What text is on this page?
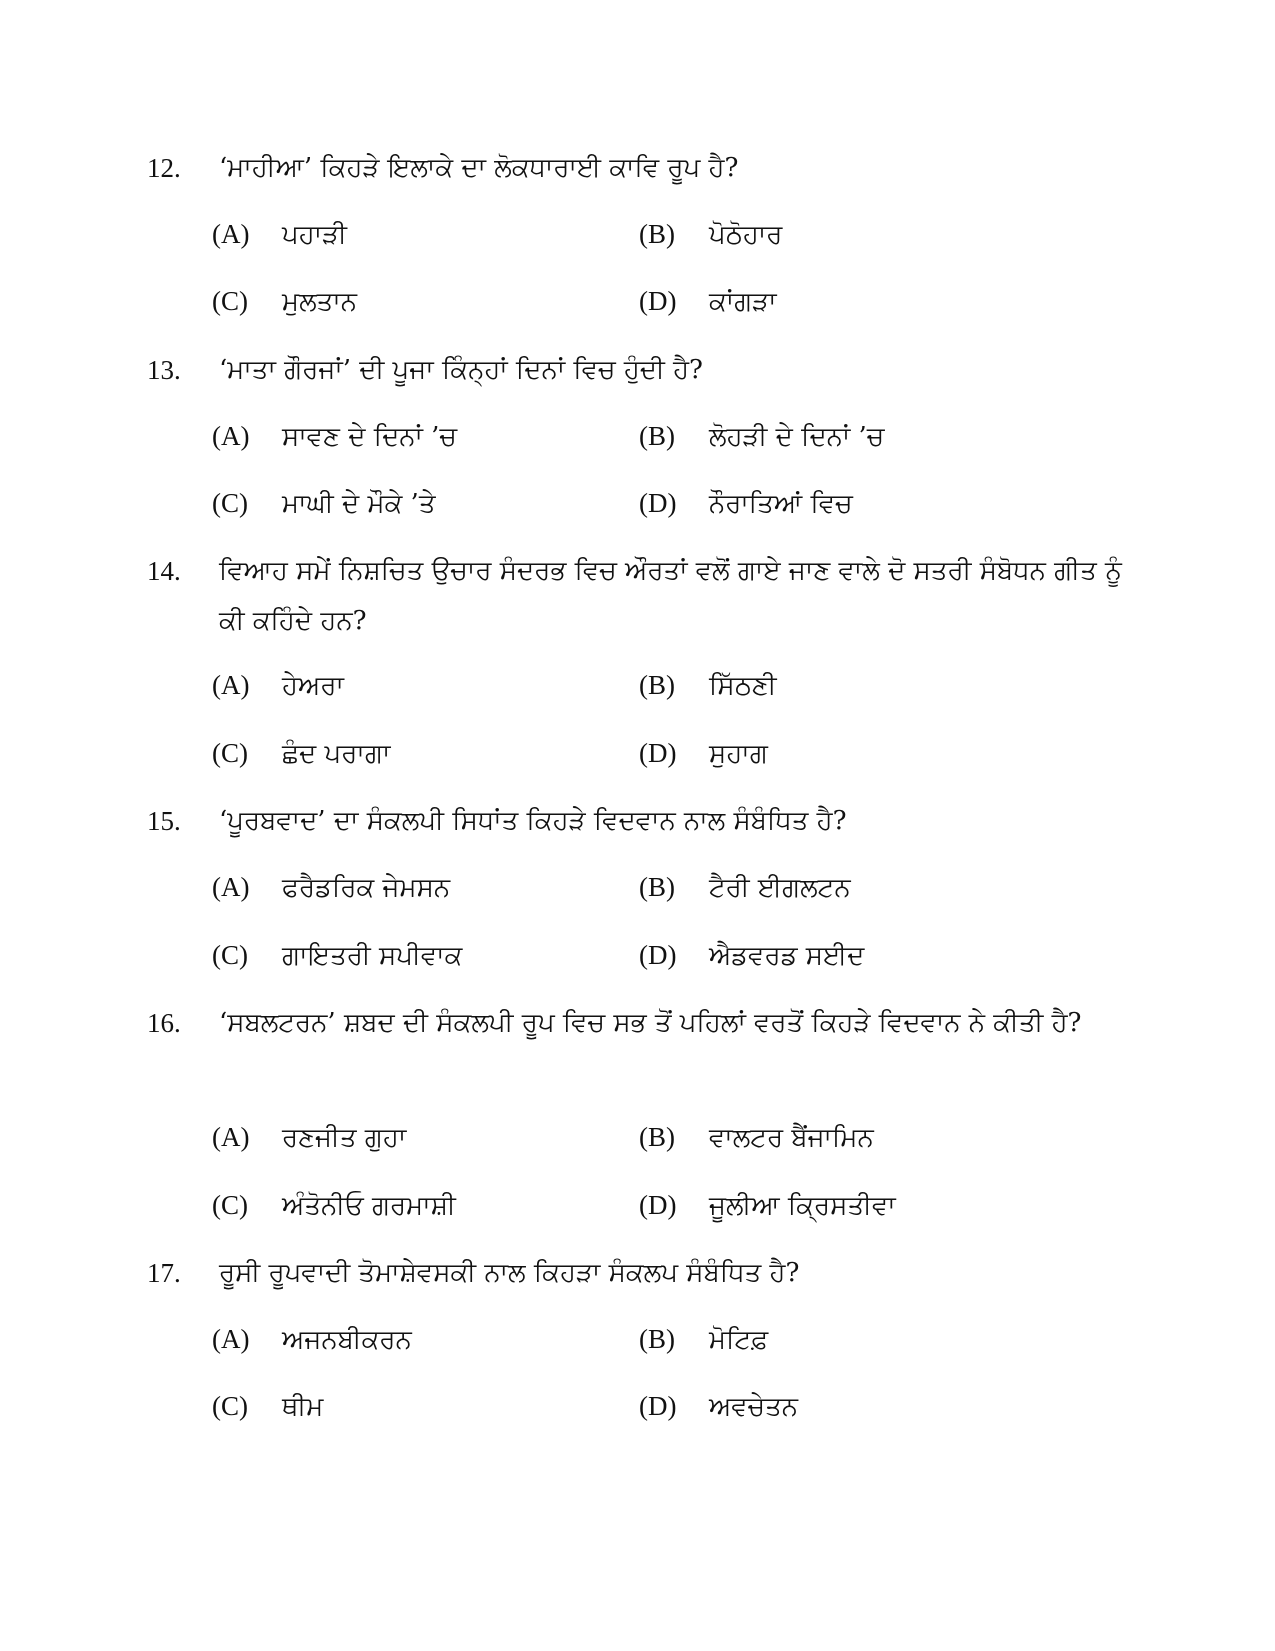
12. ‘ਮਾਹੀਆ’ ਕਿਹੜੇ ਇਲਾਕੇ ਦਾ ਲੋਕਧਾਰਾਈ ਕਾਵਿ ਰੂਪ ਹੈ?
(A) ਪਹਾੜੀ	(B) ਪੋਠੋਹਾਰ
(C) ਮੁਲਤਾਨ	(D) ਕਾਂਗੜਾ
13. ‘ਮਾਤਾ ਗੌਰਜਾਂ’ ਦੀ ਪੂਜਾ ਕਿੰਨ੍ਹਾਂ ਦਿਨਾਂ ਵਿਚ ਹੁੰਦੀ ਹੈ?
(A) ਸਾਵਣ ਦੇ ਦਿਨਾਂ ’ਚ	(B) ਲੋਹੜੀ ਦੇ ਦਿਨਾਂ ’ਚ
(C) ਮਾਘੀ ਦੇ ਮੌਕੇ ’ਤੇ	(D) ਨੌਰਾਤਿਆਂ ਵਿਚ
14. ਵਿਆਹ ਸਮੇਂ ਨਿਸ਼ਚਿਤ ਉਚਾਰ ਸੰਦਰਭ ਵਿਚ ਔਰਤਾਂ ਵਲੋਂ ਗਾਏ ਜਾਣ ਵਾਲੇ ਦੋ ਸਤਰੀ ਸੰਬੋਧਨ ਗੀਤ ਨੂੰ ਕੀ ਕਹਿੰਦੇ ਹਨ?
(A) ਹੇਅਰਾ	(B) ਸਿੱਠਣੀ
(C) ਛੰਦ ਪਰਾਗਾ	(D) ਸੁਹਾਗ
15. ‘ਪੂਰਬਵਾਦ’ ਦਾ ਸੰਕਲਪੀ ਸਿਧਾਂਤ ਕਿਹੜੇ ਵਿਦਵਾਨ ਨਾਲ ਸੰਬੰਧਿਤ ਹੈ?
(A) ਫਰੈਡਰਿਕ ਜੇਮਸਨ	(B) ਟੈਰੀ ਈਗਲਟਨ
(C) ਗਾਇਤਰੀ ਸਪੀਵਾਕ	(D) ਐਡਵਰਡ ਸਈਦ
16. ‘ਸਬਲਟਰਨ’ ਸ਼ਬਦ ਦੀ ਸੰਕਲਪੀ ਰੂਪ ਵਿਚ ਸਭ ਤੋਂ ਪਹਿਲਾਂ ਵਰਤੋਂ ਕਿਹੜੇ ਵਿਦਵਾਨ ਨੇ ਕੀਤੀ ਹੈ?
(A) ਰਣਜੀਤ ਗੁਹਾ	(B) ਵਾਲਟਰ ਬੈਂਜਾਮਿਨ
(C) ਅੰਤੋਨੀਓ ਗਰਮਾਸ਼ੀ	(D) ਜੂਲੀਆ ਕ੍ਰਿਸਤੀਵਾ
17. ਰੂਸੀ ਰੂਪਵਾਦੀ ਤੋਮਾਸ਼ੇਵਸਕੀ ਨਾਲ ਕਿਹੜਾ ਸੰਕਲਪ ਸੰਬੰਧਿਤ ਹੈ?
(A) ਅਜਨਬੀਕਰਨ	(B) ਮੋਟਿਫ਼
(C) ਥੀਮ	(D) ਅਵਚੇਤਨ
